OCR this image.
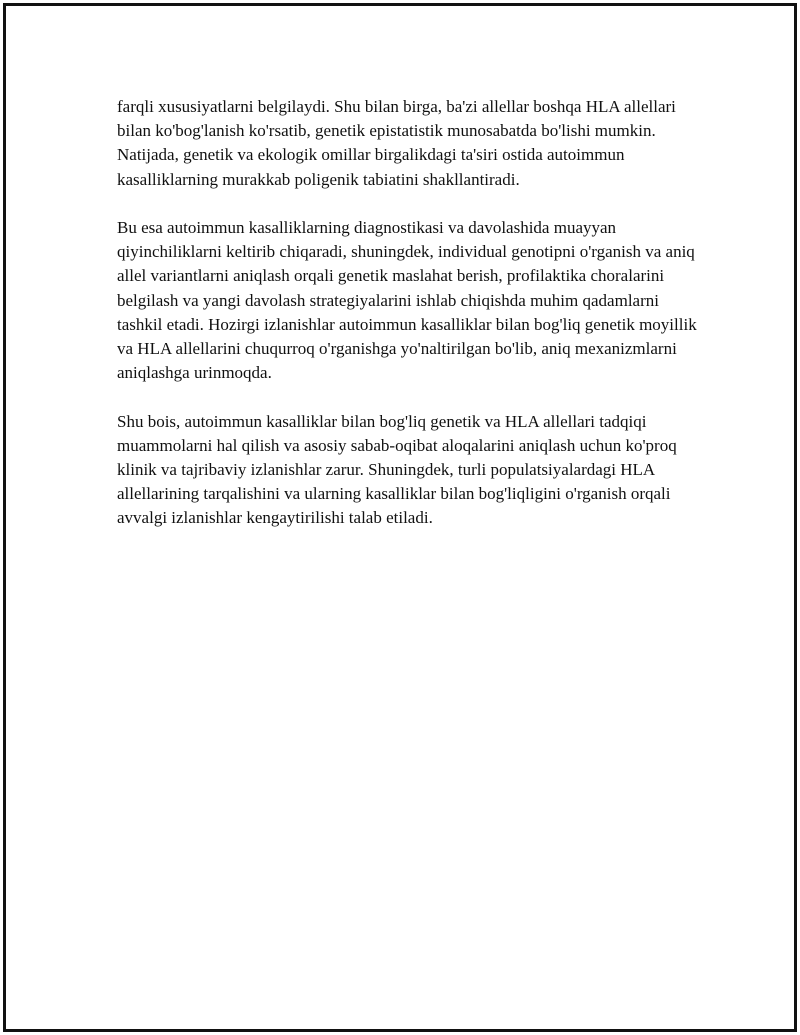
farqli xususiyatlarni belgilaydi. Shu bilan birga, ba'zi allellar boshqa HLA allellari bilan ko'bog'lanish ko'rsatib, genetik epistatistik munosabatda bo'lishi mumkin. Natijada, genetik va ekologik omillar birgalikdagi ta'siri ostida autoimmun kasalliklarning murakkab poligenik tabiatini shakllantiradi.

Bu esa autoimmun kasalliklarning diagnostikasi va davolashida muayyan qiyinchiliklarni keltirib chiqaradi, shuningdek, individual genotipni o'rganish va aniq allel variantlarni aniqlash orqali genetik maslahat berish, profilaktika choralarini belgilash va yangi davolash strategiyalarini ishlab chiqishda muhim qadamlarni tashkil etadi. Hozirgi izlanishlar autoimmun kasalliklar bilan bog'liq genetik moyillik va HLA allellarini chuqurroq o'rganishga yo'naltirilgan bo'lib, aniq mexanizmlarni aniqlashga urinmoqda.

Shu bois, autoimmun kasalliklar bilan bog'liq genetik va HLA allellari tadqiqi muammolarni hal qilish va asosiy sabab-oqibat aloqalarini aniqlash uchun ko'proq klinik va tajribaviy izlanishlar zarur. Shuningdek, turli populatsiyalardagi HLA allellarining tarqalishini va ularning kasalliklar bilan bog'liqligini o'rganish orqali avvalgi izlanishlar kengaytirilishi talab etiladi.
